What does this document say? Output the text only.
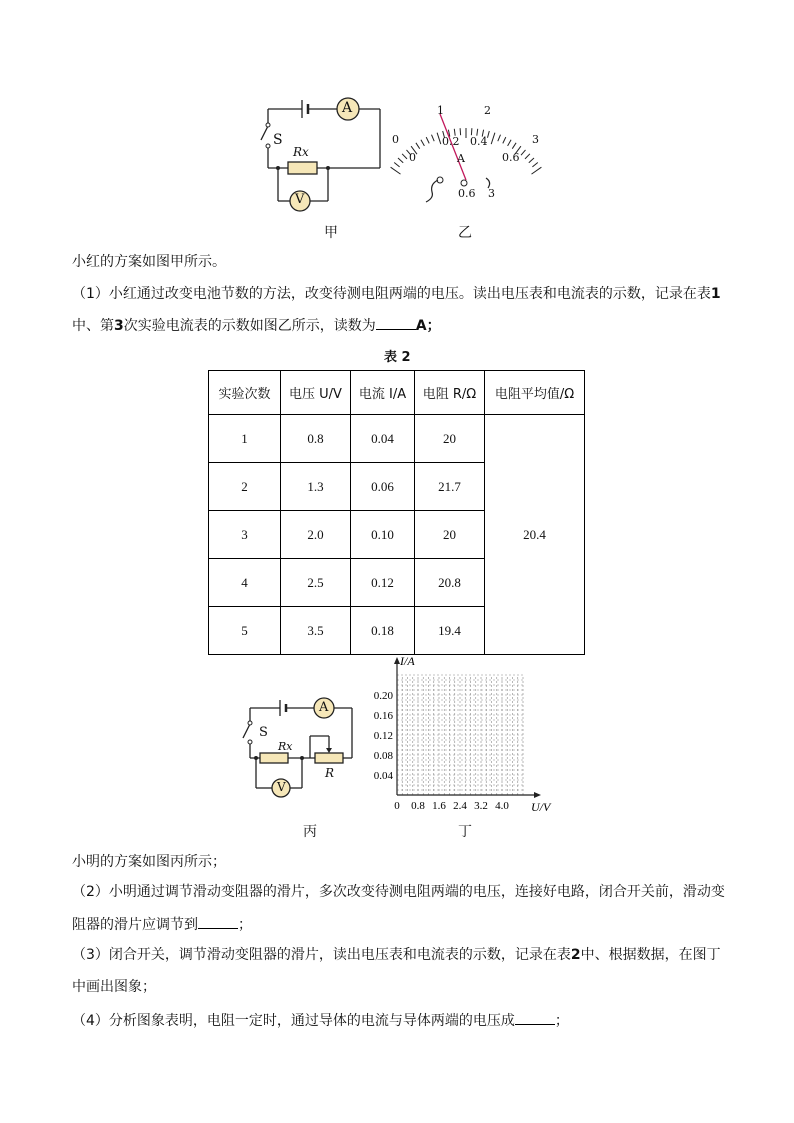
A
V
S
Rx
甲
0
1	2
3
0
0.2 0.4
0.6
A
0.6 3
乙
小红的方案如图甲所示。
（1）小红通过改变电池节数的方法，改变待测电阻两端的电压。读出电压表和电流表的示数，记录在表1
中、第3次实验电流表的示数如图乙所示，读数为	A；
表 2
实验次数	电压 U/V	电流 I/A	电阻 R/Ω	电阻平均值/Ω
1	0.8	0.04	20	20.4
2	1.3	0.06	21.7	
3	2.0	0.10	20	
4	2.5	0.12	20.8	
5	3.5	0.18	19.4	
A
V
S
Rx
R
丙
0 0.8 1.6 2.4 3.2 4.0
0.04
0.08
0.12
0.16
0.20
U/V
I/A
丁
小明的方案如图丙所示；
（2）小明通过调节滑动变阻器的滑片，多次改变待测电阻两端的电压，连接好电路，闭合开关前，滑动变
阻器的滑片应调节到	；
（3）闭合开关，调节滑动变阻器的滑片，读出电压表和电流表的示数，记录在表2中、根据数据，在图丁
中画出图象；
（4）分析图象表明，电阻一定时，通过导体的电流与导体两端的电压成	；
